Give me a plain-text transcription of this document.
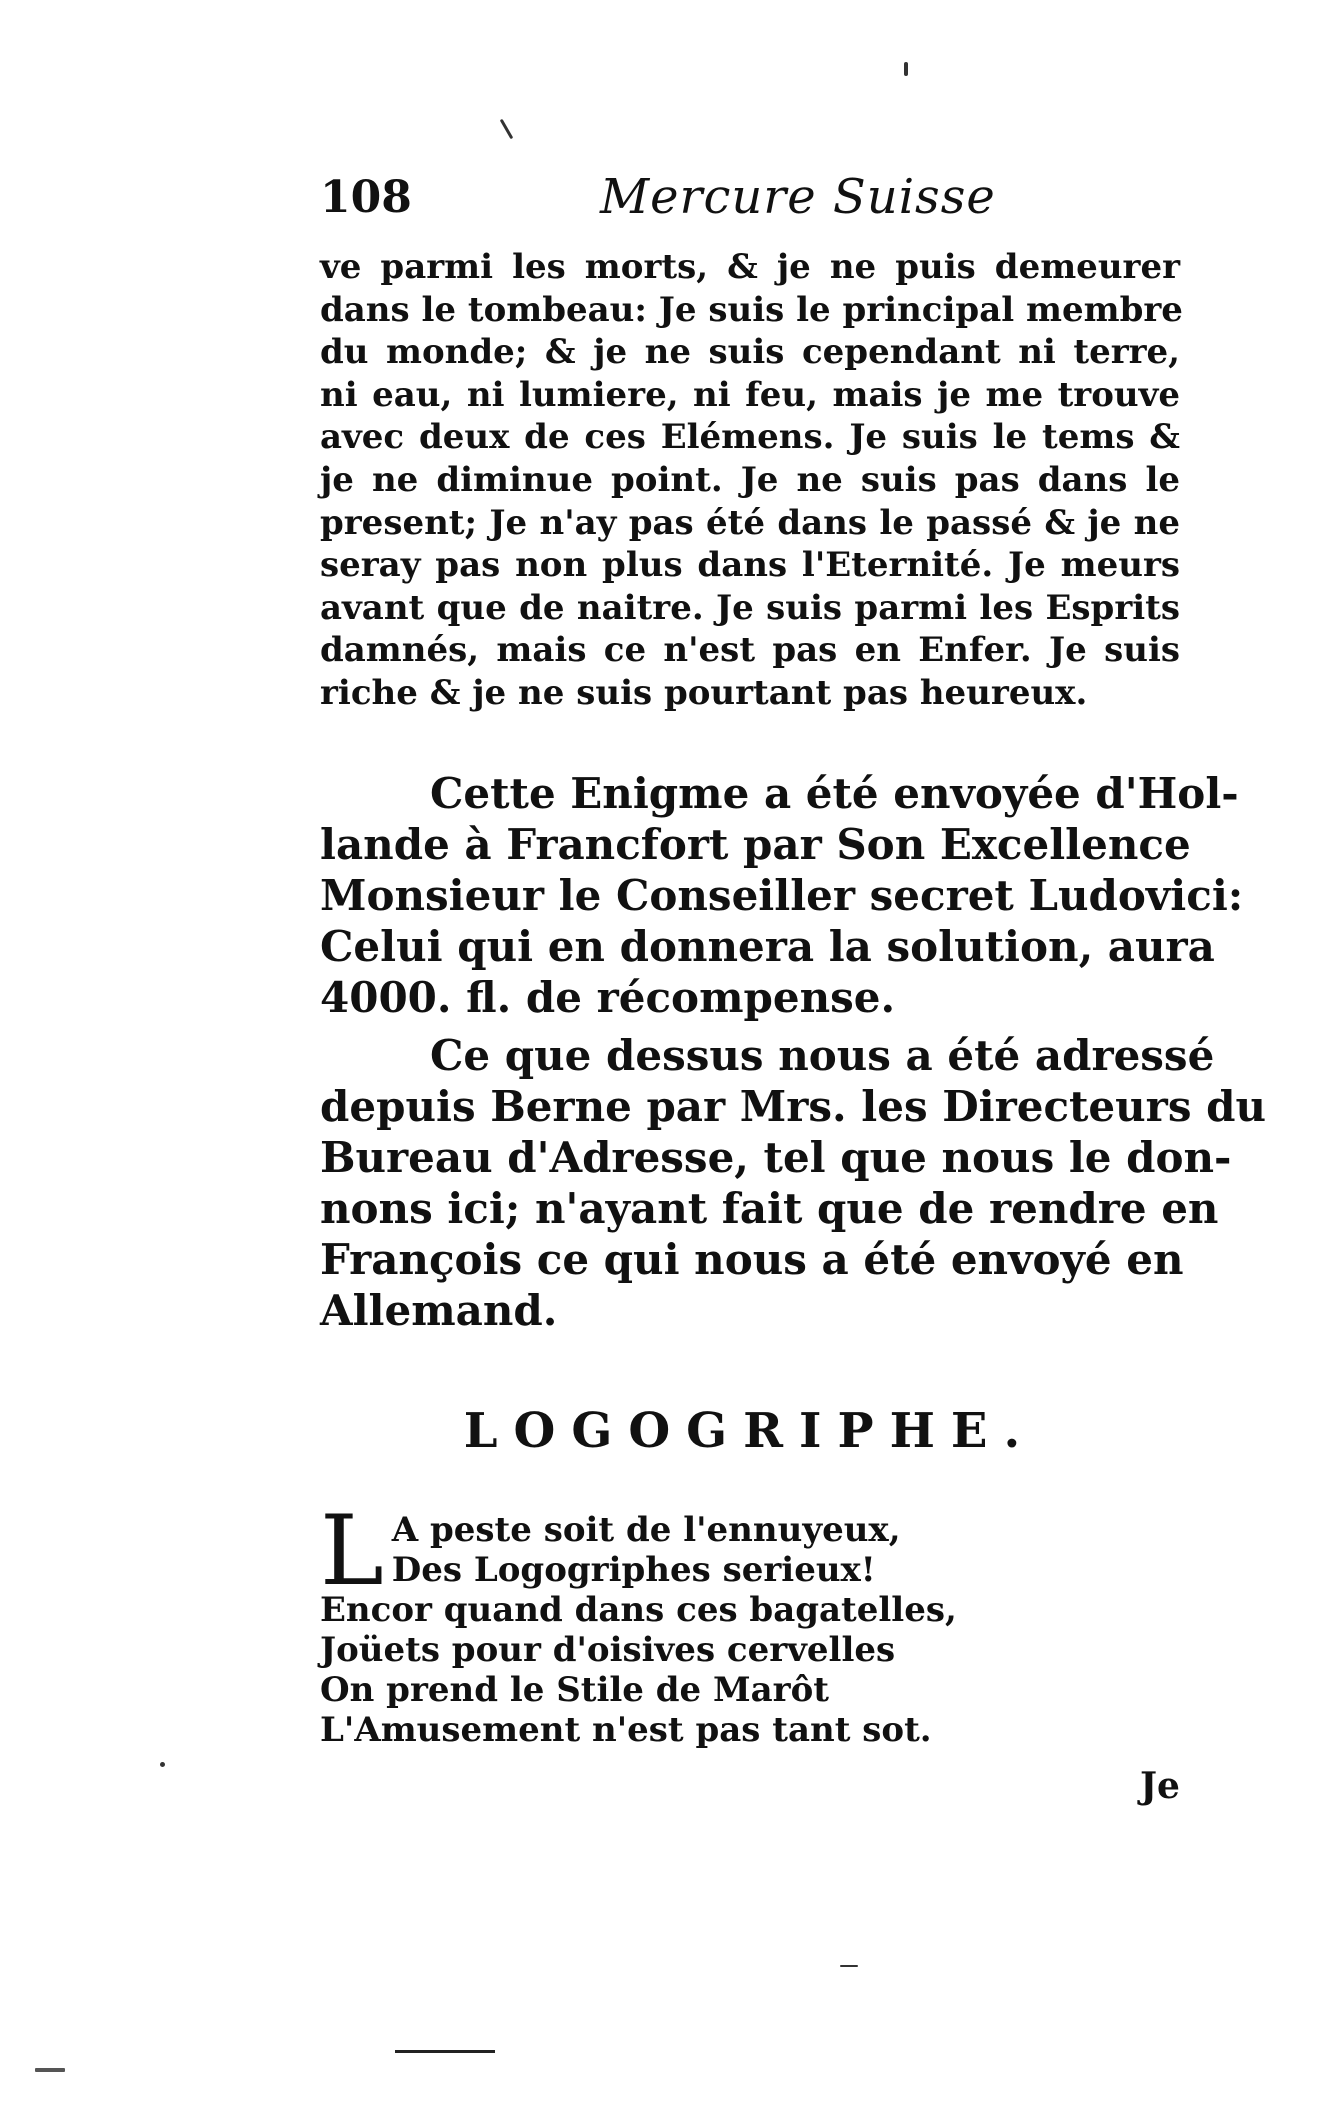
108	Mercure Suisse
ve parmi les morts, & je ne puis demeurer
dans le tombeau: Je suis le principal membre
du monde; & je ne suis cependant ni terre,
ni eau, ni lumiere, ni feu, mais je me trouve
avec deux de ces Elémens. Je suis le tems &
je ne diminue point. Je ne suis pas dans le
present; Je n'ay pas été dans le passé & je ne
seray pas non plus dans l'Eternité. Je meurs
avant que de naitre. Je suis parmi les Esprits
damnés, mais ce n'est pas en Enfer. Je suis
riche & je ne suis pourtant pas heureux.
Cette Enigme a été envoyée d'Hol-
lande à Francfort par Son Excellence
Monsieur le Conseiller secret Ludovici:
Celui qui en donnera la solution, aura
4000. fl. de récompense.
Ce que dessus nous a été adressé
depuis Berne par Mrs. les Directeurs du
Bureau d'Adresse, tel que nous le don-
nons ici; n'ayant fait que de rendre en
François ce qui nous a été envoyé en
Allemand.
LOGOGRIPHE.
L A peste soit de l'ennuyeux,
Des Logogriphes serieux!
Encor quand dans ces bagatelles,
Joüets pour d'oisives cervelles
On prend le Stile de Marôt
L'Amusement n'est pas tant sot.
Je
